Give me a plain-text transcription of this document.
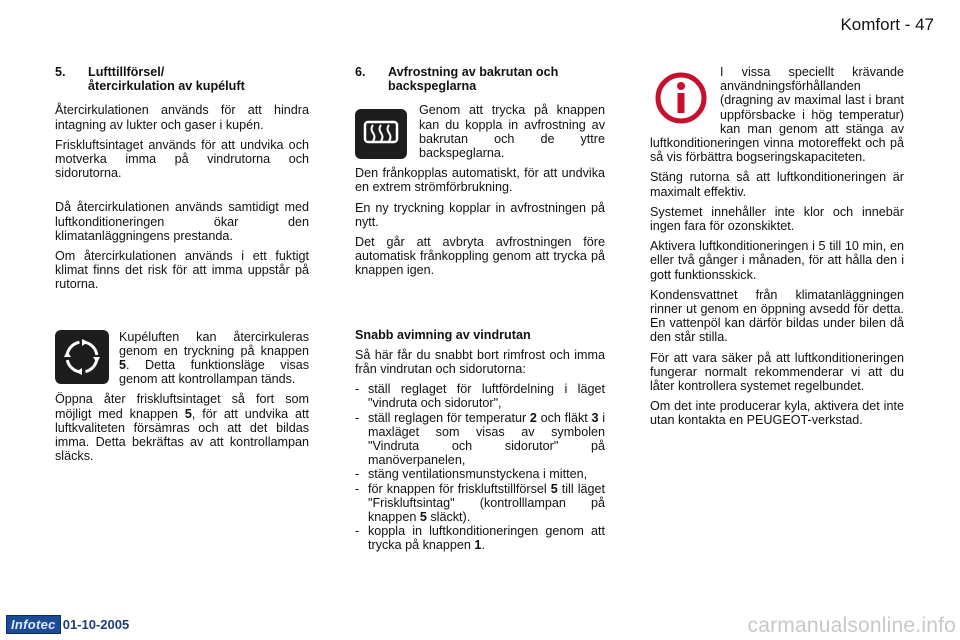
Komfort - 47
5.	Lufttillförsel/
återcirkulation av kupéluft

Återcirkulationen används för att hindra intagning av lukter och gaser i kupén.

Friskluftsintaget används för att undvika och motverka imma på vindrutorna och sidorutorna.

Då återcirkulationen används samtidigt med luftkonditioneringen ökar den klimatanläggningens prestanda.

Om återcirkulationen används i ett fuktigt klimat finns det risk för att imma uppstår på rutorna.

Kupéluften kan återcirkuleras genom en tryckning på knappen 5. Detta funktionsläge visas genom att kontrollampan tänds.

Öppna åter friskluftsintaget så fort som möjligt med knappen 5, för att undvika att luftkvaliteten försämras och att det bildas imma. Detta bekräftas av att kontrollampan släcks.

6.	Avfrostning av bakrutan och
backspeglarna

Genom att trycka på knappen kan du koppla in avfrostning av bakrutan och de yttre backspeglarna.

Den frånkopplas automatiskt, för att undvika en extrem strömförbrukning.

En ny tryckning kopplar in avfrostningen på nytt.

Det går att avbryta avfrostningen före automatisk frånkoppling genom att trycka på knappen igen.

Snabb avimning av vindrutan

Så här får du snabbt bort rimfrost och imma från vindrutan och sidorutorna:

- ställ reglaget för luftfördelning i läget "vindruta och sidorutor",
- ställ reglagen för temperatur 2 och fläkt 3 i maxläget som visas av symbolen "Vindruta och sidorutor" på manöverpanelen,
- stäng ventilationsmunstyckena i mitten,
- för knappen för friskluftstillförsel 5 till läget "Friskluftsintag" (kontrolllampan på knappen 5 släckt).
- koppla in luftkonditioneringen genom att trycka på knappen 1.

I vissa speciellt krävande användningsförhållanden (dragning av maximal last i brant uppförsbacke i hög temperatur) kan man genom att stänga av luftkonditioneringen vinna motoreffekt och på så vis förbättra bogseringskapaciteten.

Stäng rutorna så att luftkonditioneringen är maximalt effektiv.

Systemet innehåller inte klor och innebär ingen fara för ozonskiktet.

Aktivera luftkonditioneringen i 5 till 10 min, en eller två gånger i månaden, för att hålla den i gott funktionsskick.

Kondensvattnet från klimatanläggningen rinner ut genom en öppning avsedd för detta. En vattenpöl kan därför bildas under bilen då den står stilla.

För att vara säker på att luftkonditioneringen fungerar normalt rekommenderar vi att du låter kontrollera systemet regelbundet.

Om det inte producerar kyla, aktivera det inte utan kontakta en PEUGEOT-verkstad.

Infotec 01-10-2005	carmanualsonline.info
